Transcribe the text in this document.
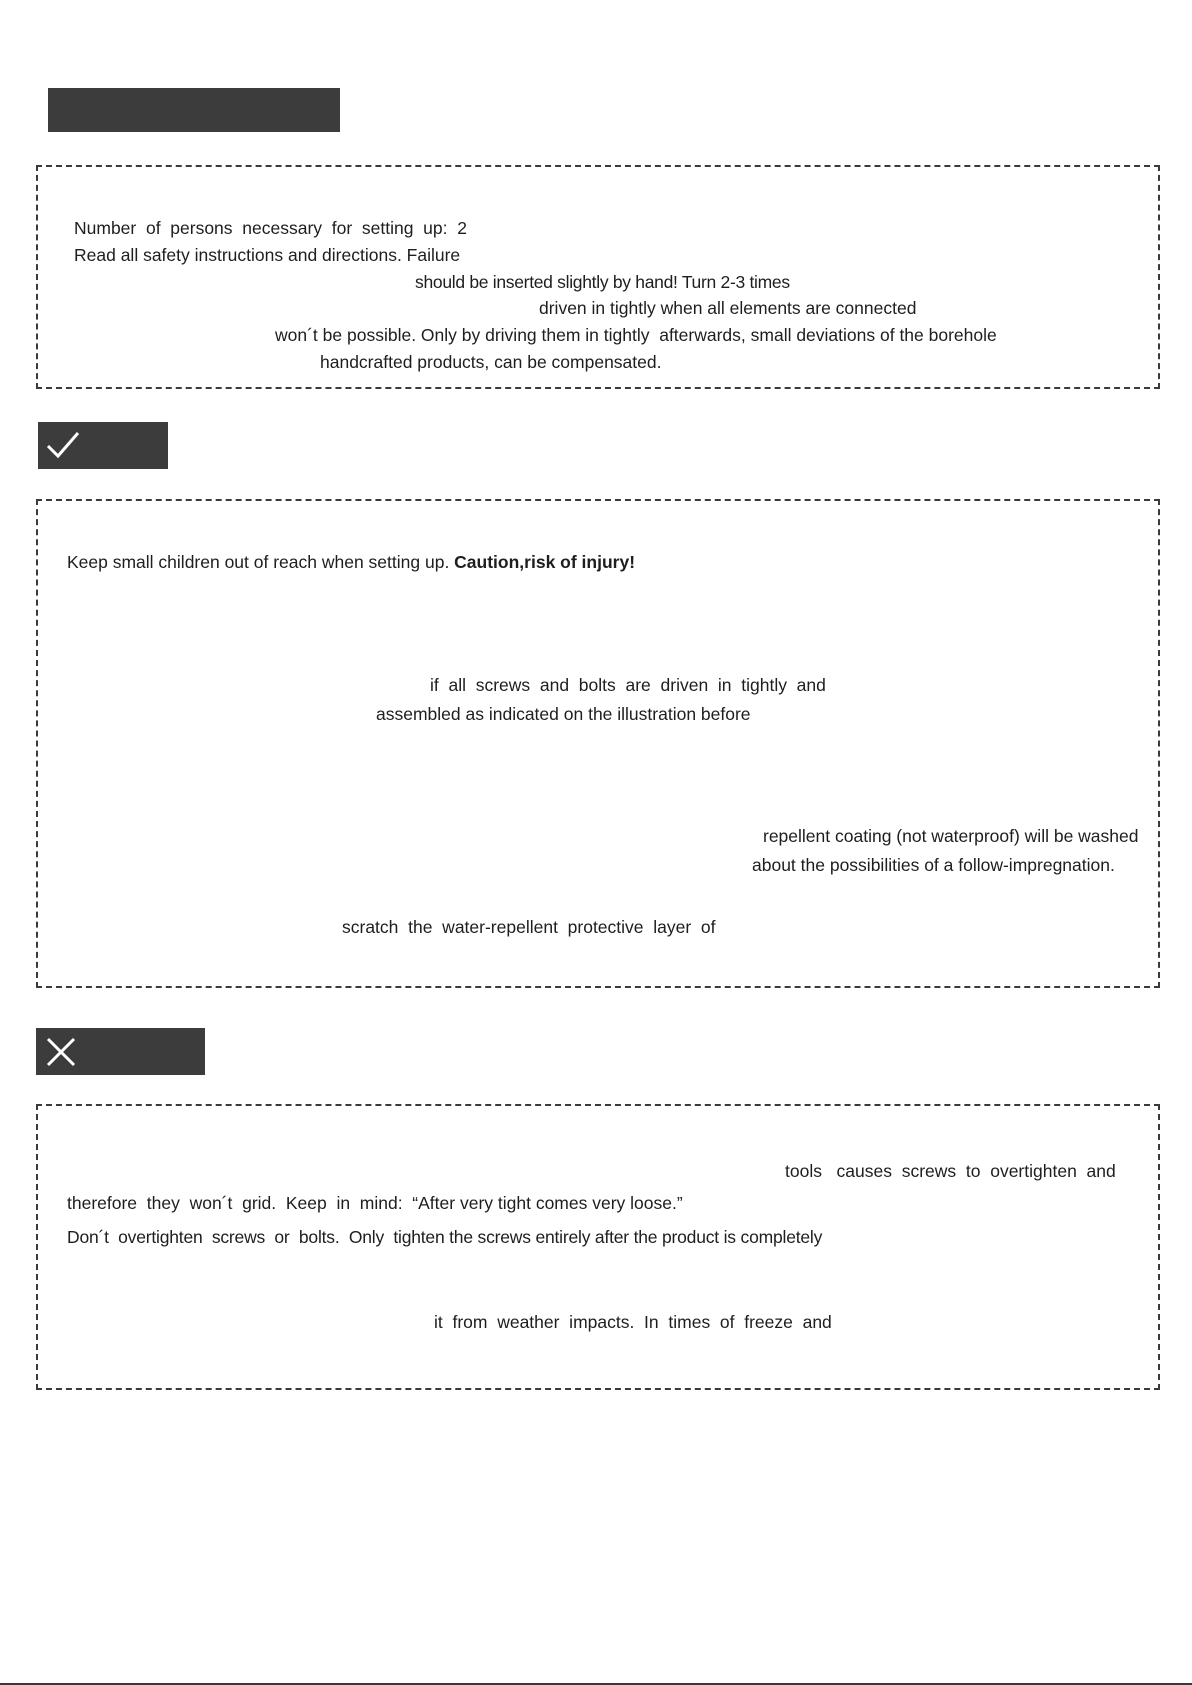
Number  of  persons  necessary  for  setting  up:  2
Read all safety instructions and directions. Failure
should be inserted slightly by hand! Turn 2-3 times
driven in tightly when all elements are connected
won´t be possible. Only by driving them in tightly  afterwards, small deviations of the borehole
handcrafted products, can be compensated.
Keep small children out of reach when setting up. Caution,risk of injury!
if  all  screws  and  bolts  are  driven  in  tightly  and
assembled as indicated on the illustration before
repellent coating (not waterproof) will be washed
about the possibilities of a follow-impregnation.
scratch  the  water-repellent  protective  layer  of
tools   causes  screws  to  overtighten  and
therefore  they  won´t  grid.  Keep  in  mind:  “After very tight comes very loose.”
Don´t  overtighten  screws  or  bolts.  Only  tighten the screws entirely after the product is completely
it  from  weather  impacts.  In  times  of  freeze  and
